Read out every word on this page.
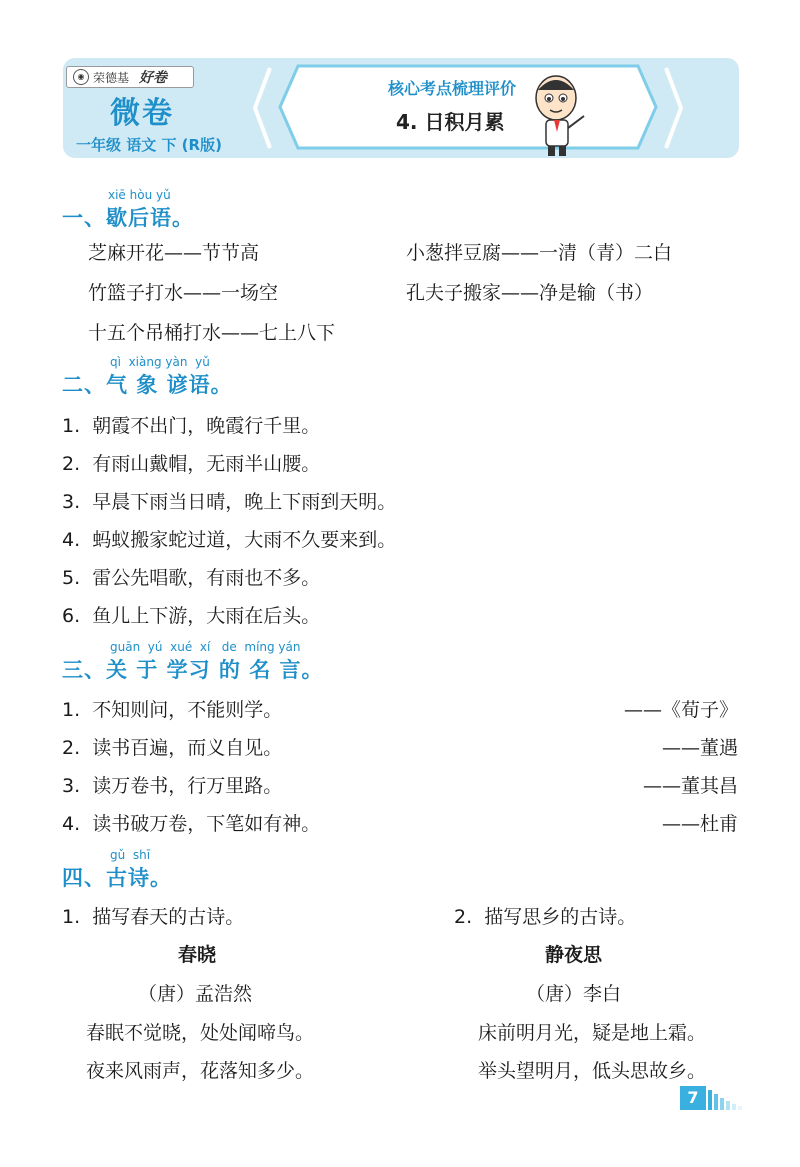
◉ 荣德基 好卷
微卷
一年级 语文 下 (R版)
核心考点梳理评价
4. 日积月累
xiē hòu yǔ
一、歇后语。
芝麻开花——节节高	小葱拌豆腐——一清（青）二白
竹篮子打水——一场空	孔夫子搬家——净是输（书）
十五个吊桶打水——七上八下
qì  xiàng yàn  yǔ
二、气 象 谚语。
1. 朝霞不出门，晚霞行千里。
2. 有雨山戴帽，无雨半山腰。
3. 早晨下雨当日晴，晚上下雨到天明。
4. 蚂蚁搬家蛇过道，大雨不久要来到。
5. 雷公先唱歌，有雨也不多。
6. 鱼儿上下游，大雨在后头。
guān  yú  xué  xí   de  míng yán
三、关 于 学习 的 名 言。
1. 不知则问，不能则学。	——《荀子》
2. 读书百遍，而义自见。	——董遇
3. 读万卷书，行万里路。	——董其昌
4. 读书破万卷，下笔如有神。	——杜甫
gǔ  shī
四、古诗。
1. 描写春天的古诗。	2. 描写思乡的古诗。
春晓	静夜思
（唐）孟浩然	（唐）李白
春眠不觉晓，处处闻啼鸟。	床前明月光，疑是地上霜。
夜来风雨声，花落知多少。	举头望明月，低头思故乡。
7
